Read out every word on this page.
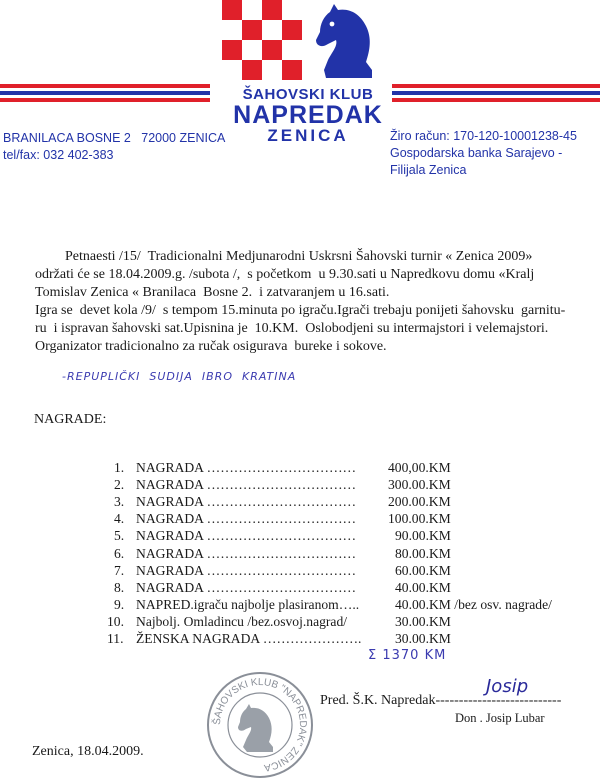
ŠAHOVSKI KLUB
NAPREDAK
ZENICA
BRANILACA BOSNE 2   72000 ZENICA
tel/fax: 032 402-383
Žiro račun: 170-120-10001238-45
Gospodarska banka Sarajevo - Filijala Zenica
Petnaesti /15/  Tradicionalni Medjunarodni Uskrsni Šahovski turnir « Zenica 2009»
održati će se 18.04.2009.g. /subota /,  s početkom  u 9.30.sati u Napredkovu domu «Kralj
Tomislav Zenica « Branilaca  Bosne 2.  i zatvaranjem u 16.sati.
Igra se  devet kola /9/  s tempom 15.minuta po igraču.Igrači trebaju ponijeti šahovsku  garnitu-
ru  i ispravan šahovski sat.Upisnina je  10.KM.  Oslobodjeni su intermajstori i velemajstori.
Organizator tradicionalno za ručak osigurava  bureke i sokove.
-REPUPLIČKI  SUDIJA  IBRO  KRATINA
NAGRADE:
1. NAGRADA …………………………… 400,00.KM
2. NAGRADA …………………………… 300.00.KM
3. NAGRADA …………………………… 200.00.KM
4. NAGRADA …………………………… 100.00.KM
5. NAGRADA ……………………………	90.00.KM
6. NAGRADA ……………………………	80.00.KM
7. NAGRADA ……………………………	60.00.KM
8. NAGRADA ……………………………	40.00.KM
9. NAPRED.igraču najbolje plasiranom…..	40.00.KM /bez osv. nagrade/
10. Najbolj. Omladincu /bez.osvoj.nagrad/	30.00.KM
11. ŽENSKA NAGRADA …………………. 30.00.KM
Σ 1370 KM
ŠAHOVSKI KLUB "NAPREDAK" ZENICA
Pred. Š.K. Napredak---------------------------
Josip
Don . Josip Lubar
Zenica, 18.04.2009.
